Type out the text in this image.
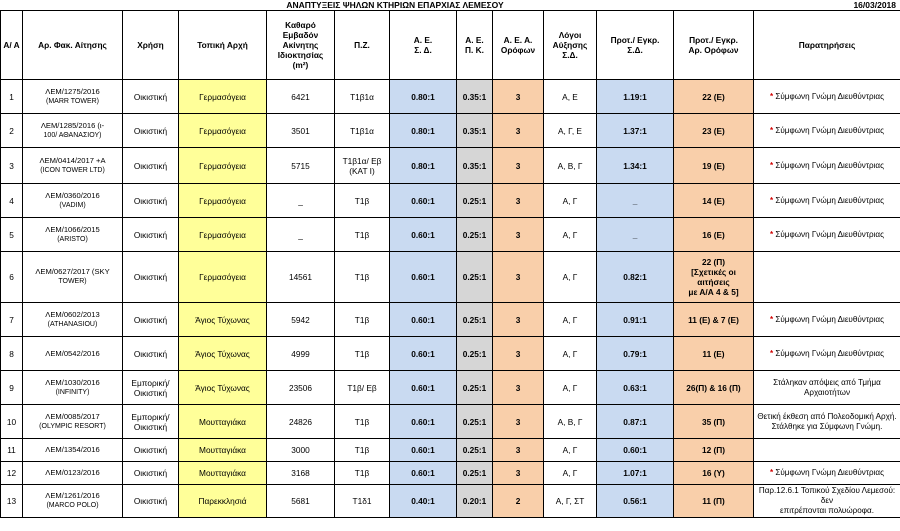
ΑΝΑΠΤΥΞΕΙΣ ΨΗΛΩΝ ΚΤΗΡΙΩΝ ΕΠΑΡΧΙΑΣ ΛΕΜΕΣΟΥ	16/03/2018
Α/ Α	Αρ. Φακ. Αίτησης	Χρήση	Τοπική Αρχή	Καθαρό
Εμβαδόν
Ακίνητης
Ιδιοκτησίας
(m²)	Π.Ζ.	Α. Ε.
Σ. Δ.	Α. Ε.
Π. Κ.	Α. Ε. Α.
Ορόφων	Λόγοι
Αύξησης
Σ.Δ.	Προτ./ Εγκρ.
Σ.Δ.	Προτ./ Εγκρ.
Αρ. Ορόφων	Παρατηρήσεις
1	ΛΕΜ/1275/2016
(MARR TOWER)	Οικιστική	Γερμασόγεια	6421	Τ1β1α	0.80:1	0.35:1	3	Α, Ε	1.19:1	22 (Ε)	* Σύμφωνη Γνώμη Διευθύντριας
2	ΛΕΜ/1285/2016 (ι-
100/ ΑΘΑΝΑΣΙΟΥ)	Οικιστική	Γερμασόγεια	3501	Τ1β1α	0.80:1	0.35:1	3	Α, Γ, Ε	1.37:1	23 (Ε)	* Σύμφωνη Γνώμη Διευθύντριας
3	ΛΕΜ/0414/2017 +Α
(ICON TOWER LTD)	Οικιστική	Γερμασόγεια	5715	Τ1β1α/ Εβ
(ΚΑΤ Ι)	0.80:1	0.35:1	3	Α, Β, Γ	1.34:1	19 (Ε)	* Σύμφωνη Γνώμη Διευθύντριας
4	ΛΕΜ/0360/2016
(VADIM)	Οικιστική	Γερμασόγεια	_	Τ1β	0.60:1	0.25:1	3	Α, Γ	_	14 (Ε)	* Σύμφωνη Γνώμη Διευθύντριας
5	ΛΕΜ/1066/2015
(ARISTO)	Οικιστική	Γερμασόγεια	_	Τ1β	0.60:1	0.25:1	3	Α, Γ	_	16 (Ε)	* Σύμφωνη Γνώμη Διευθύντριας
6	ΛΕΜ/0627/2017 (SKY
TOWER)	Οικιστική	Γερμασόγεια	14561	Τ1β	0.60:1	0.25:1	3	Α, Γ	0.82:1	22 (Π)
[Σχετικές οι
αιτήσεις
με Α/Α 4 & 5]	
7	ΛΕΜ/0602/2013
(ATHANASIOU)	Οικιστική	Άγιος Τύχωνας	5942	Τ1β	0.60:1	0.25:1	3	Α, Γ	0.91:1	11 (Ε) & 7 (Ε)	* Σύμφωνη Γνώμη Διευθύντριας
8	ΛΕΜ/0542/2016	Οικιστική	Άγιος Τύχωνας	4999	Τ1β	0.60:1	0.25:1	3	Α, Γ	0.79:1	11 (Ε)	* Σύμφωνη Γνώμη Διευθύντριας
9	ΛΕΜ/1030/2016
(INFINITY)	Εμπορική/
Οικιστική	Άγιος Τύχωνας	23506	Τ1β/ Εβ	0.60:1	0.25:1	3	Α, Γ	0.63:1	26(Π) & 16 (Π)	Στάληκαν απόψεις από Τμήμα
Αρχαιοτήτων
10	ΛΕΜ/0085/2017
(OLYMPIC RESORT)	Εμπορική/
Οικιστική	Μουτταγιάκα	24826	Τ1β	0.60:1	0.25:1	3	Α, Β, Γ	0.87:1	35 (Π)	Θετική έκθεση από Πολεοδομική Αρχή.
Στάλθηκε για Σύμφωνη Γνώμη.
11	ΛΕΜ/1354/2016	Οικιστική	Μουτταγιάκα	3000	Τ1β	0.60:1	0.25:1	3	Α, Γ	0.60:1	12 (Π)	
12	ΛΕΜ/0123/2016	Οικιστική	Μουτταγιάκα	3168	Τ1β	0.60:1	0.25:1	3	Α, Γ	1.07:1	16 (Υ)	* Σύμφωνη Γνώμη Διευθύντριας
13	ΛΕΜ/1261/2016
(MARCO POLO)	Οικιστική	Παρεκκλησιά	5681	Τ1δ1	0.40:1	0.20:1	2	Α, Γ, ΣΤ	0.56:1	11 (Π)	Παρ.12.6.1 Τοπικού Σχεδίου Λεμεσού: δεν
επιτρέπονται πολυώροφα.
